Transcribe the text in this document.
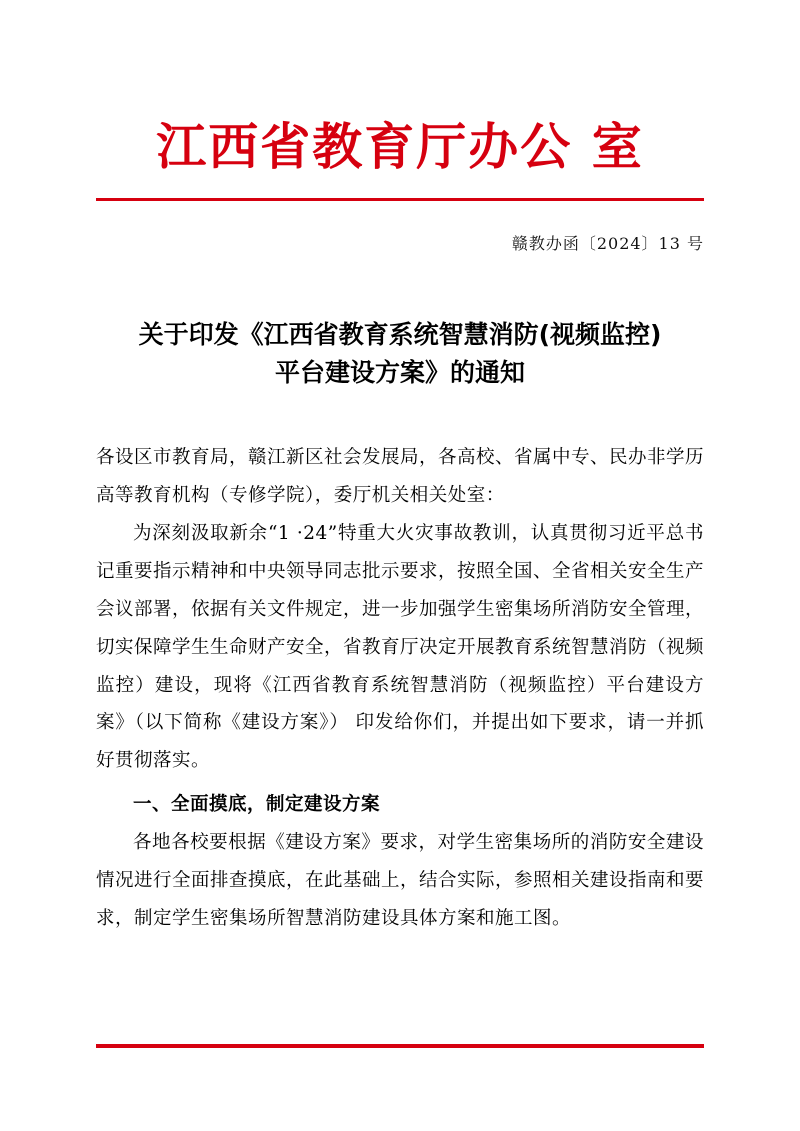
江西省教育厅办公 室
赣教办函〔2024〕13 号
关于印发《江西省教育系统智慧消防(视频监控)
平台建设方案》的通知

各设区市教育局，赣江新区社会发展局，各高校、省属中专、民办非学历高等教育机构（专修学院），委厅机关相关处室：

为深刻汲取新余“1 ·24”特重大火灾事故教训，认真贯彻习近平总书记重要指示精神和中央领导同志批示要求，按照全国、全省相关安全生产会议部署，依据有关文件规定，进一步加强学生密集场所消防安全管理，切实保障学生生命财产安全，省教育厅决定开展教育系统智慧消防（视频监控）建设，现将《江西省教育系统智慧消防（视频监控）平台建设方案》（以下简称《建设方案》） 印发给你们，并提出如下要求，请一并抓好贯彻落实。

一、全面摸底，制定建设方案

各地各校要根据《建设方案》要求，对学生密集场所的消防安全建设情况进行全面排查摸底，在此基础上，结合实际，参照相关建设指南和要求，制定学生密集场所智慧消防建设具体方案和施工图。
